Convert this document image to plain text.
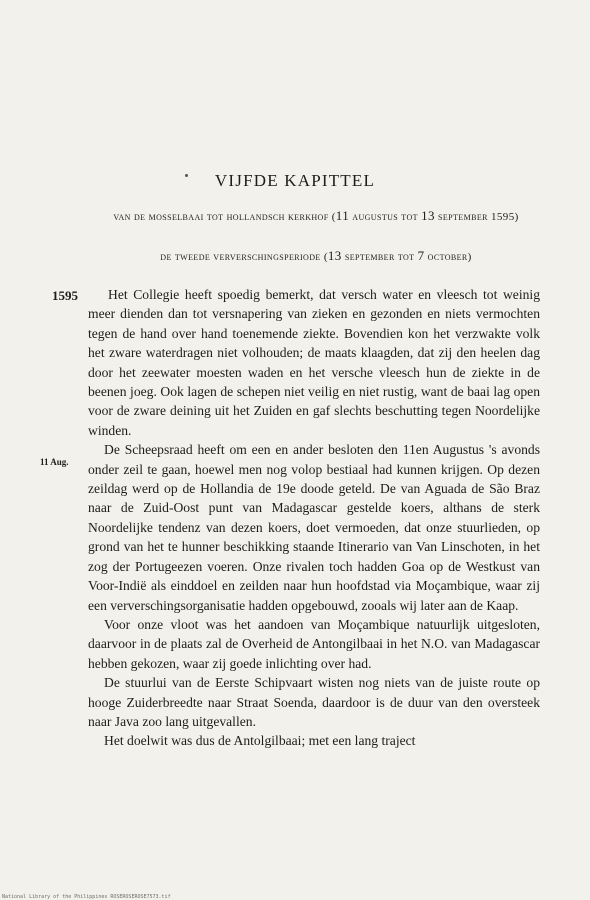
VIJFDE KAPITTEL
van de mosselbaai tot hollandsch kerkhof (11 augustus tot 13 september 1595)
de tweede ververschingsperiode (13 september tot 7 october)
1595
11 Aug.

Het Collegie heeft spoedig bemerkt, dat versch water en vleesch tot weinig meer dienden dan tot versnapering van zieken en gezonden en niets vermochten tegen de hand over hand toenemende ziekte. Bovendien kon het verzwakte volk het zware waterdragen niet volhouden; de maats klaagden, dat zij den heelen dag door het zeewater moesten waden en het versche vleesch hun de ziekte in de beenen joeg. Ook lagen de schepen niet veilig en niet rustig, want de baai lag open voor de zware deining uit het Zuiden en gaf slechts beschutting tegen Noordelijke winden.

De Scheepsraad heeft om een en ander besloten den 11en Augustus 's avonds onder zeil te gaan, hoewel men nog volop bestiaal had kunnen krijgen. Op dezen zeildag werd op de Hollandia de 19e doode geteld. De van Aguada de São Braz naar de Zuid-Oost punt van Madagascar gestelde koers, althans de sterk Noordelijke tendenz van dezen koers, doet vermoeden, dat onze stuurlieden, op grond van het te hunner beschikking staande Itinerario van Van Linschoten, in het zog der Portugeezen voeren. Onze rivalen toch hadden Goa op de Westkust van Voor-Indië als einddoel en zeilden naar hun hoofdstad via Moçambique, waar zij een ververschingsorganisatie hadden opgebouwd, zooals wij later aan de Kaap.

Voor onze vloot was het aandoen van Moçambique natuurlijk uitgesloten, daarvoor in de plaats zal de Overheid de Antongilbaai in het N.O. van Madagascar hebben gekozen, waar zij goede inlichting over had.

De stuurlui van de Eerste Schipvaart wisten nog niets van de juiste route op hooge Zuiderbreedte naar Straat Soenda, daardoor is de duur van den oversteek naar Java zoo lang uitgevallen.

Het doelwit was dus de Antolgilbaai; met een lang traject

National Library of the Philippines ROSEROSEROSE7573.tif
